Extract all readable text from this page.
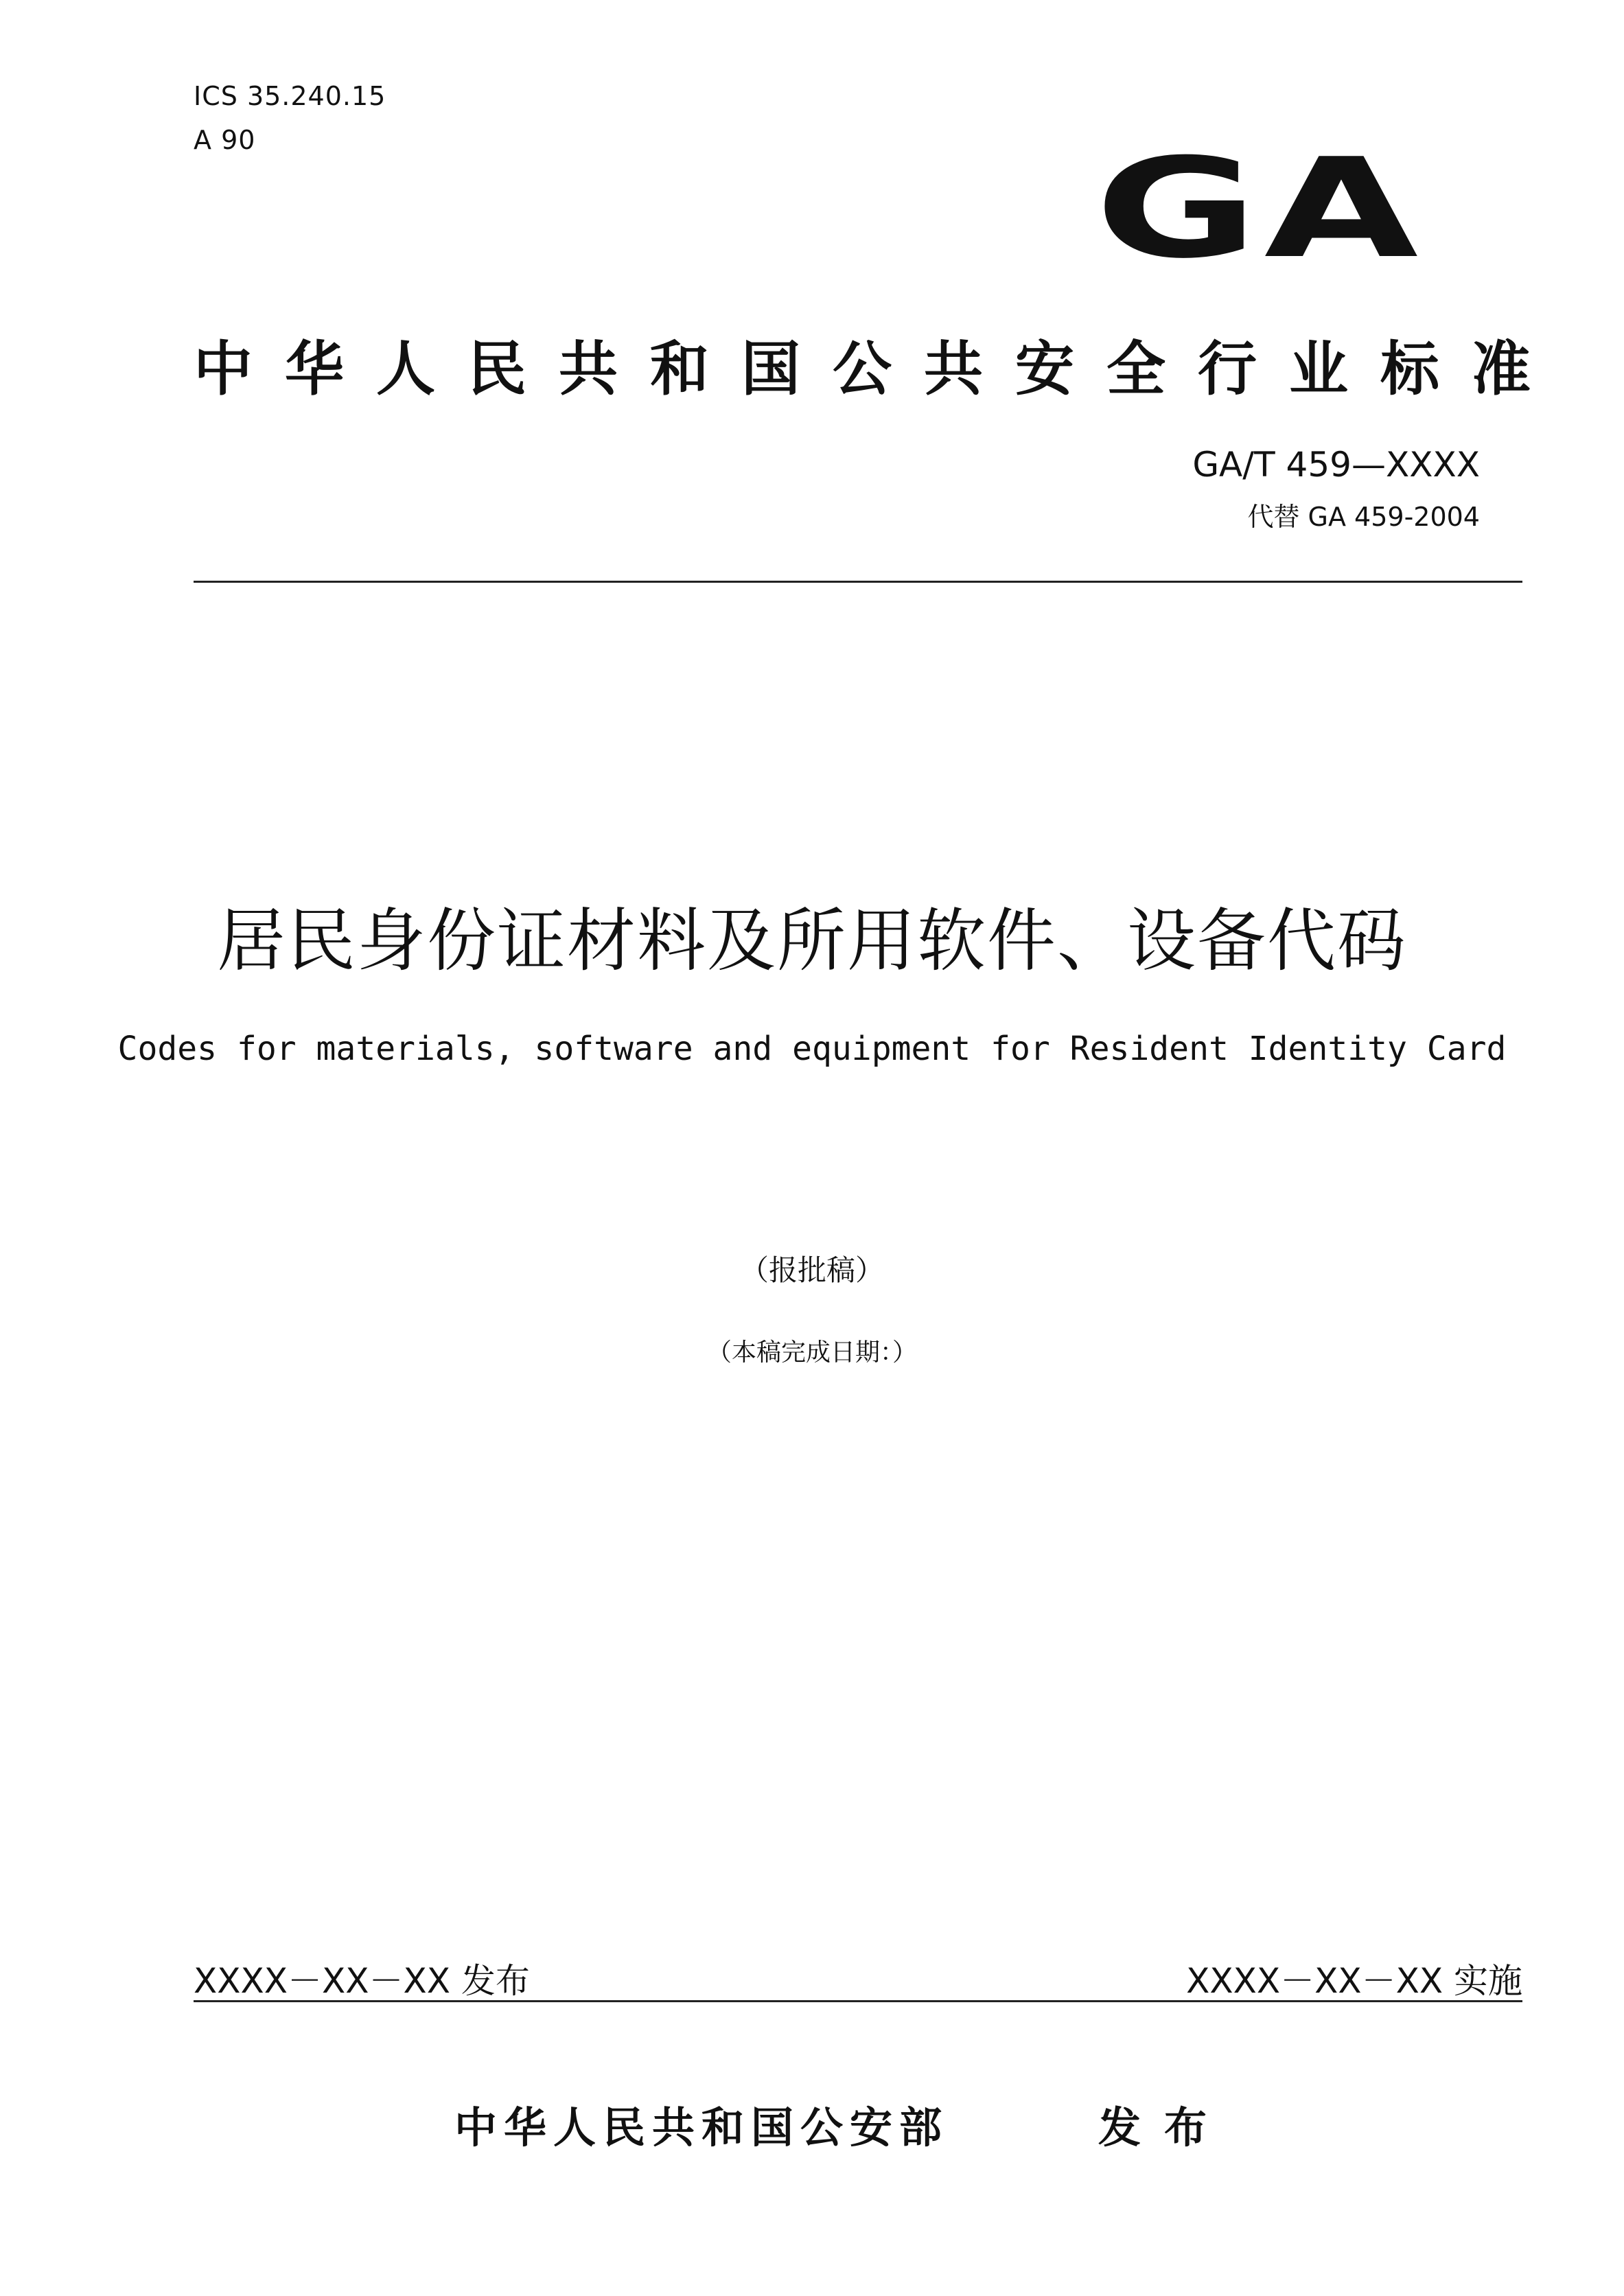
ICS 35.240.15
A 90	GA
中华人民共和国公共安全行业标准
GA/T 459—XXXX
代替 GA 459-2004
居民身份证材料及所用软件、设备代码
Codes for materials, software and equipment for Resident Identity Card
（报批稿）
（本稿完成日期：）
XXXX－XX－XX 发布	XXXX－XX－XX 实施
中华人民共和国公安部	发布
